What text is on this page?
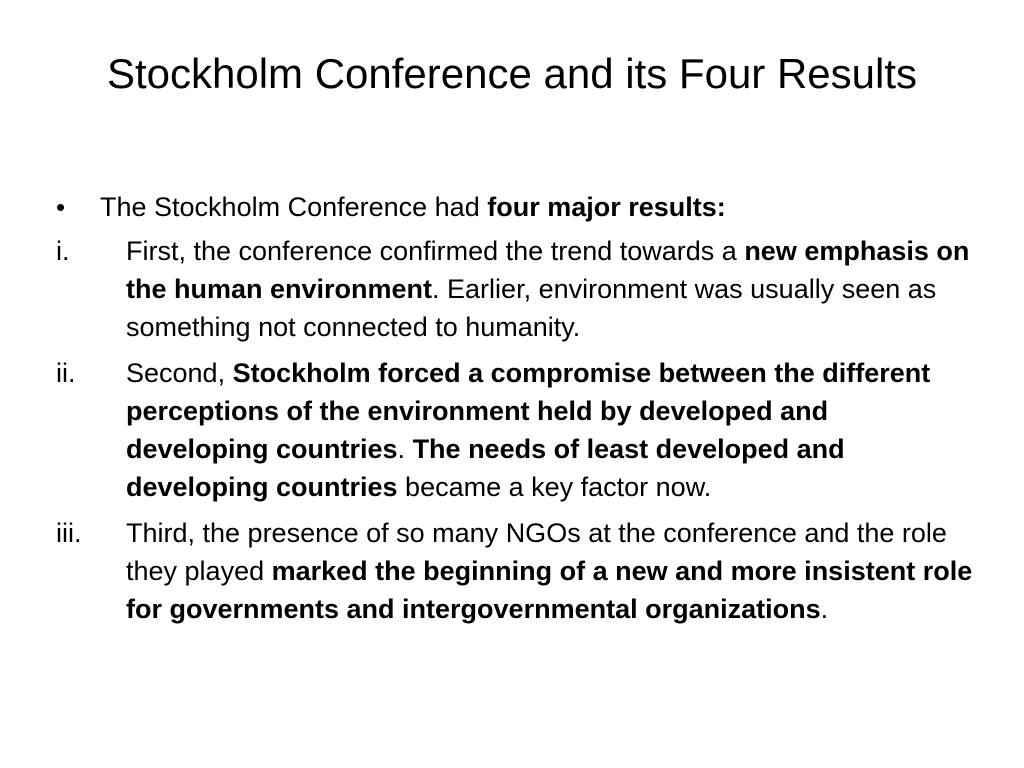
Stockholm Conference and its Four Results
•	The Stockholm Conference had four major results:
i.	First, the conference confirmed the trend towards a new emphasis on the human environment. Earlier, environment was usually seen as something not connected to humanity.
ii.	Second, Stockholm forced a compromise between the different perceptions of the environment held by developed and developing countries. The needs of least developed and developing countries became a key factor now.
iii.	Third, the presence of so many NGOs at the conference and the role they played marked the beginning of a new and more insistent role for governments and intergovernmental organizations.
